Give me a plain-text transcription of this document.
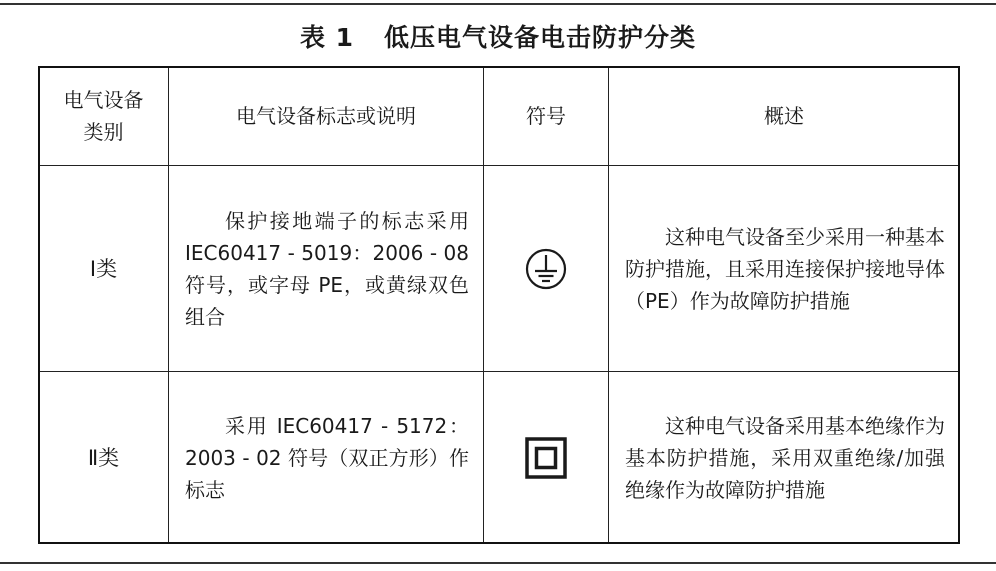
表 1 低压电气设备电击防护分类
电气设备类别
电气设备标志或说明	符号	概述
Ⅰ类
保护接地端子的标志采用 IEC60417 - 5019：2006 - 08 符号，或字母 PE，或黄绿双色组合
这种电气设备至少采用一种基本防护措施，且采用连接保护接地导体（PE）作为故障防护措施
Ⅱ类
采用 IEC60417 - 5172：2003 - 02 符号（双正方形）作标志
这种电气设备采用基本绝缘作为基本防护措施，采用双重绝缘/加强绝缘作为故障防护措施
